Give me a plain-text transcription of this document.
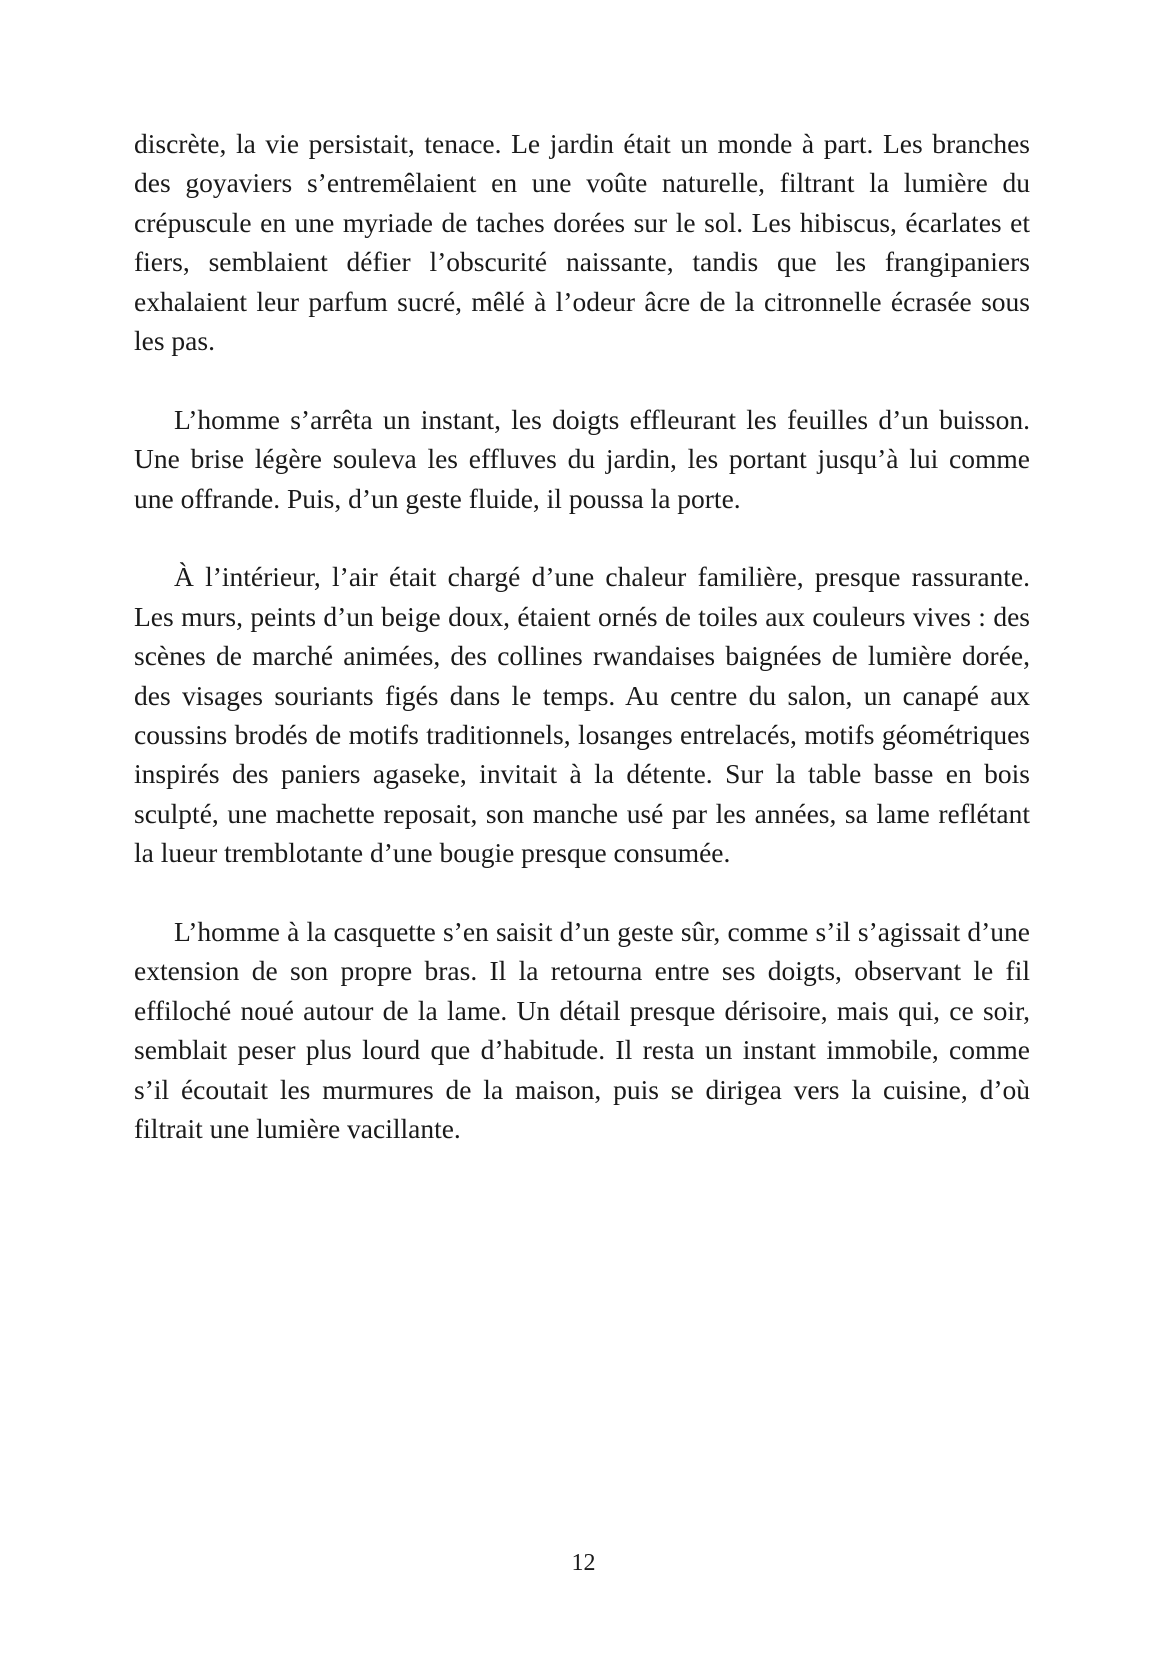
discrète, la vie persistait, tenace. Le jardin était un monde à part. Les branches des goyaviers s’entremêlaient en une voûte naturelle, filtrant la lumière du crépuscule en une myriade de taches dorées sur le sol. Les hibiscus, écarlates et fiers, semblaient défier l’obscurité naissante, tandis que les frangipaniers exhalaient leur parfum sucré, mêlé à l’odeur âcre de la citronnelle écrasée sous les pas.

L’homme s’arrêta un instant, les doigts effleurant les feuilles d’un buisson. Une brise légère souleva les effluves du jardin, les portant jusqu’à lui comme une offrande. Puis, d’un geste fluide, il poussa la porte.

À l’intérieur, l’air était chargé d’une chaleur familière, presque rassurante. Les murs, peints d’un beige doux, étaient ornés de toiles aux couleurs vives : des scènes de marché animées, des collines rwandaises baignées de lumière dorée, des visages souriants figés dans le temps. Au centre du salon, un canapé aux coussins brodés de motifs traditionnels, losanges entrelacés, motifs géométriques inspirés des paniers agaseke, invitait à la détente. Sur la table basse en bois sculpté, une machette reposait, son manche usé par les années, sa lame reflétant la lueur tremblotante d’une bougie presque consumée.

L’homme à la casquette s’en saisit d’un geste sûr, comme s’il s’agissait d’une extension de son propre bras. Il la retourna entre ses doigts, observant le fil effiloché noué autour de la lame. Un détail presque dérisoire, mais qui, ce soir, semblait peser plus lourd que d’habitude. Il resta un instant immobile, comme s’il écoutait les murmures de la maison, puis se dirigea vers la cuisine, d’où filtrait une lumière vacillante.

12
